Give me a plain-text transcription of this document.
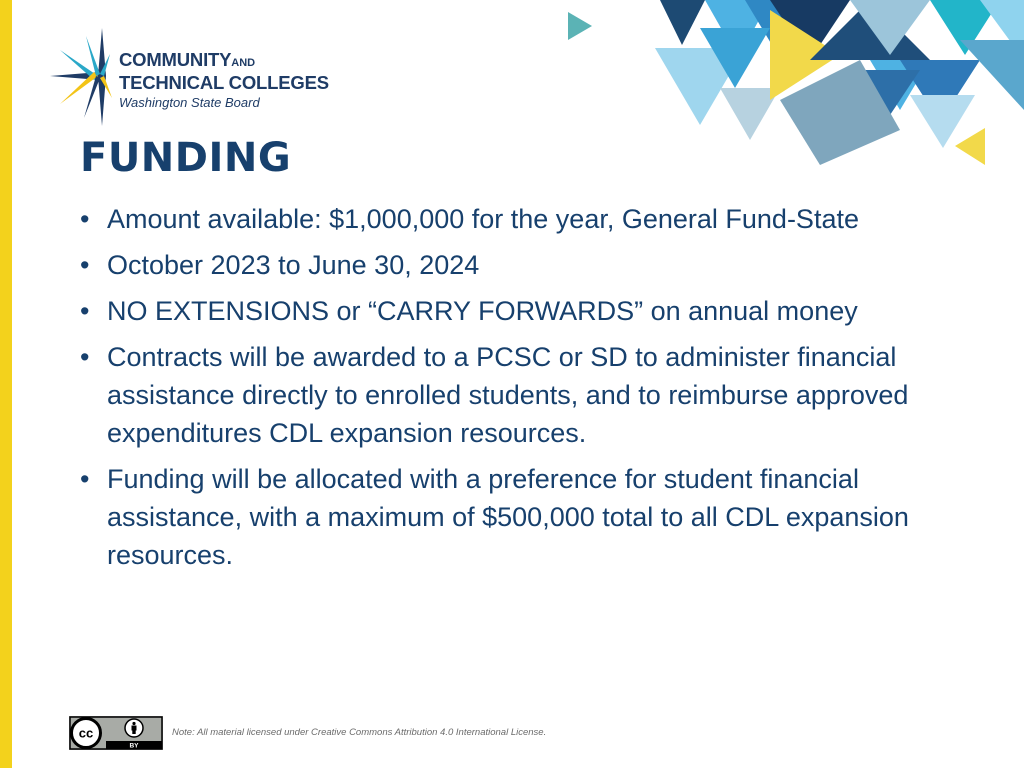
COMMUNITYAND
TECHNICAL COLLEGES
Washington State Board
FUNDING
• Amount available: $1,000,000 for the year, General Fund-State
• October 2023 to June 30, 2024
• NO EXTENSIONS or “CARRY FORWARDS” on annual money
• Contracts will be awarded to a PCSC or SD to administer financial assistance directly to enrolled students, and to reimburse approved expenditures CDL expansion resources.
• Funding will be allocated with a preference for student financial assistance, with a maximum of $500,000 total to all CDL expansion resources.
cc
BY
Note: All material licensed under Creative Commons Attribution 4.0 International License.
